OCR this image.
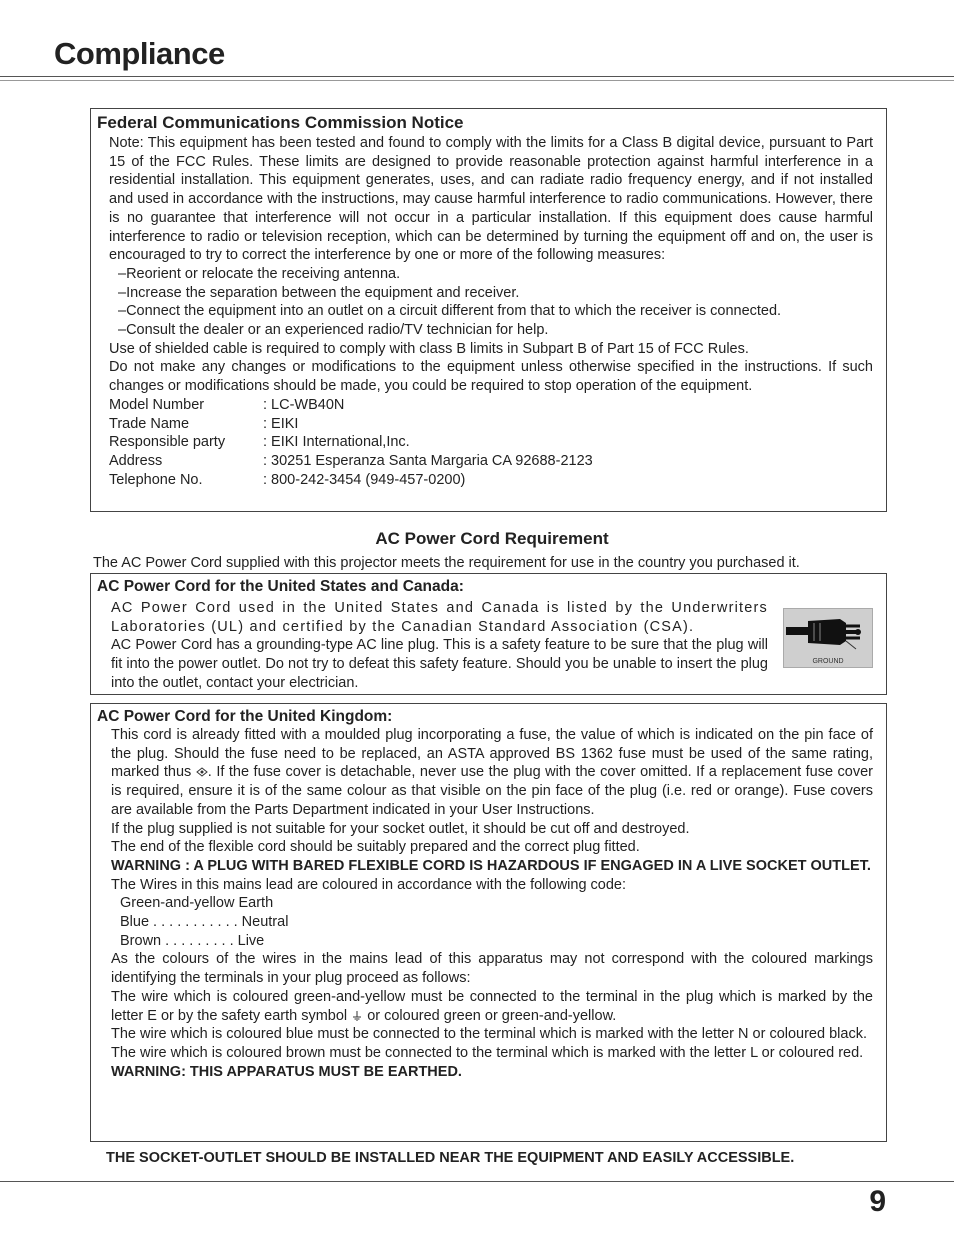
Compliance
Federal Communications Commission Notice

Note: This equipment has been tested and found to comply with the limits for a Class B digital device, pursuant to Part 15 of the FCC Rules. These limits are designed to provide reasonable protection against harmful interference in a residential installation. This equipment generates, uses, and can radiate radio frequency energy, and if not installed and used in accordance with the instructions, may cause harmful interference to radio communications. However, there is no guarantee that interference will not occur in a particular installation. If this equipment does cause harmful interference to radio or television reception, which can be determined by turning the equipment off and on, the user is encouraged to try to correct the interference by one or more of the following measures:

–Reorient or relocate the receiving antenna.

–Increase the separation between the equipment and receiver.

–Connect the equipment into an outlet on a circuit different from that to which the receiver is connected.

–Consult the dealer or an experienced radio/TV technician for help.

Use of shielded cable is required to comply with class B limits in Subpart B of Part 15 of FCC Rules.

Do not make any changes or modifications to the equipment unless otherwise specified in the instructions. If such changes or modifications should be made, you could be required to stop operation of the equipment.

Model Number	: LC-WB40N
Trade Name	: EIKI
Responsible party	: EIKI International,Inc.
Address	: 30251 Esperanza Santa Margaria CA 92688-2123
Telephone No.	: 800-242-3454 (949-457-0200)
AC Power Cord Requirement
The AC Power Cord supplied with this projector meets the requirement for use in the country you purchased it.
AC Power Cord for the United States and Canada:

AC Power Cord used in the United States and Canada is listed by the Underwriters Laboratories (UL) and certified by the Canadian Standard Association (CSA).

AC Power Cord has a grounding-type AC line plug. This is a safety feature to be sure that the plug will fit into the power outlet. Do not try to defeat this safety feature. Should you be unable to insert the plug into the outlet, contact your electrician.

GROUND
AC Power Cord for the United Kingdom:

This cord is already fitted with a moulded plug incorporating a fuse, the value of which is indicated on the pin face of the plug. Should the fuse need to be replaced, an ASTA approved BS 1362 fuse must be used of the same rating, marked thus . If the fuse cover is detachable, never use the plug with the cover omitted. If a replacement fuse cover is required, ensure it is of the same colour as that visible on the pin face of the plug (i.e. red or orange). Fuse covers are available from the Parts Department indicated in your User Instructions.

If the plug supplied is not suitable for your socket outlet, it should be cut off and destroyed.

The end of the flexible cord should be suitably prepared and the correct plug fitted.

WARNING : A PLUG WITH BARED FLEXIBLE CORD IS HAZARDOUS IF ENGAGED IN A LIVE SOCKET OUTLET.

The Wires in this mains lead are coloured in accordance with the following code:

Green-and-yellow Earth

Blue . . . . . . . . . . . Neutral

Brown . . . . . . . . . Live

As the colours of the wires in the mains lead of this apparatus may not correspond with the coloured markings identifying the terminals in your plug proceed as follows:

The wire which is coloured green-and-yellow must be connected to the terminal in the plug which is marked by the letter E or by the safety earth symbol  or coloured green or green-and-yellow.

The wire which is coloured blue must be connected to the terminal which is marked with the letter N or coloured black.

The wire which is coloured brown must be connected to the terminal which is marked with the letter L or coloured red.

WARNING: THIS APPARATUS MUST BE EARTHED.

THE SOCKET-OUTLET SHOULD BE INSTALLED NEAR THE EQUIPMENT AND EASILY ACCESSIBLE.
9
